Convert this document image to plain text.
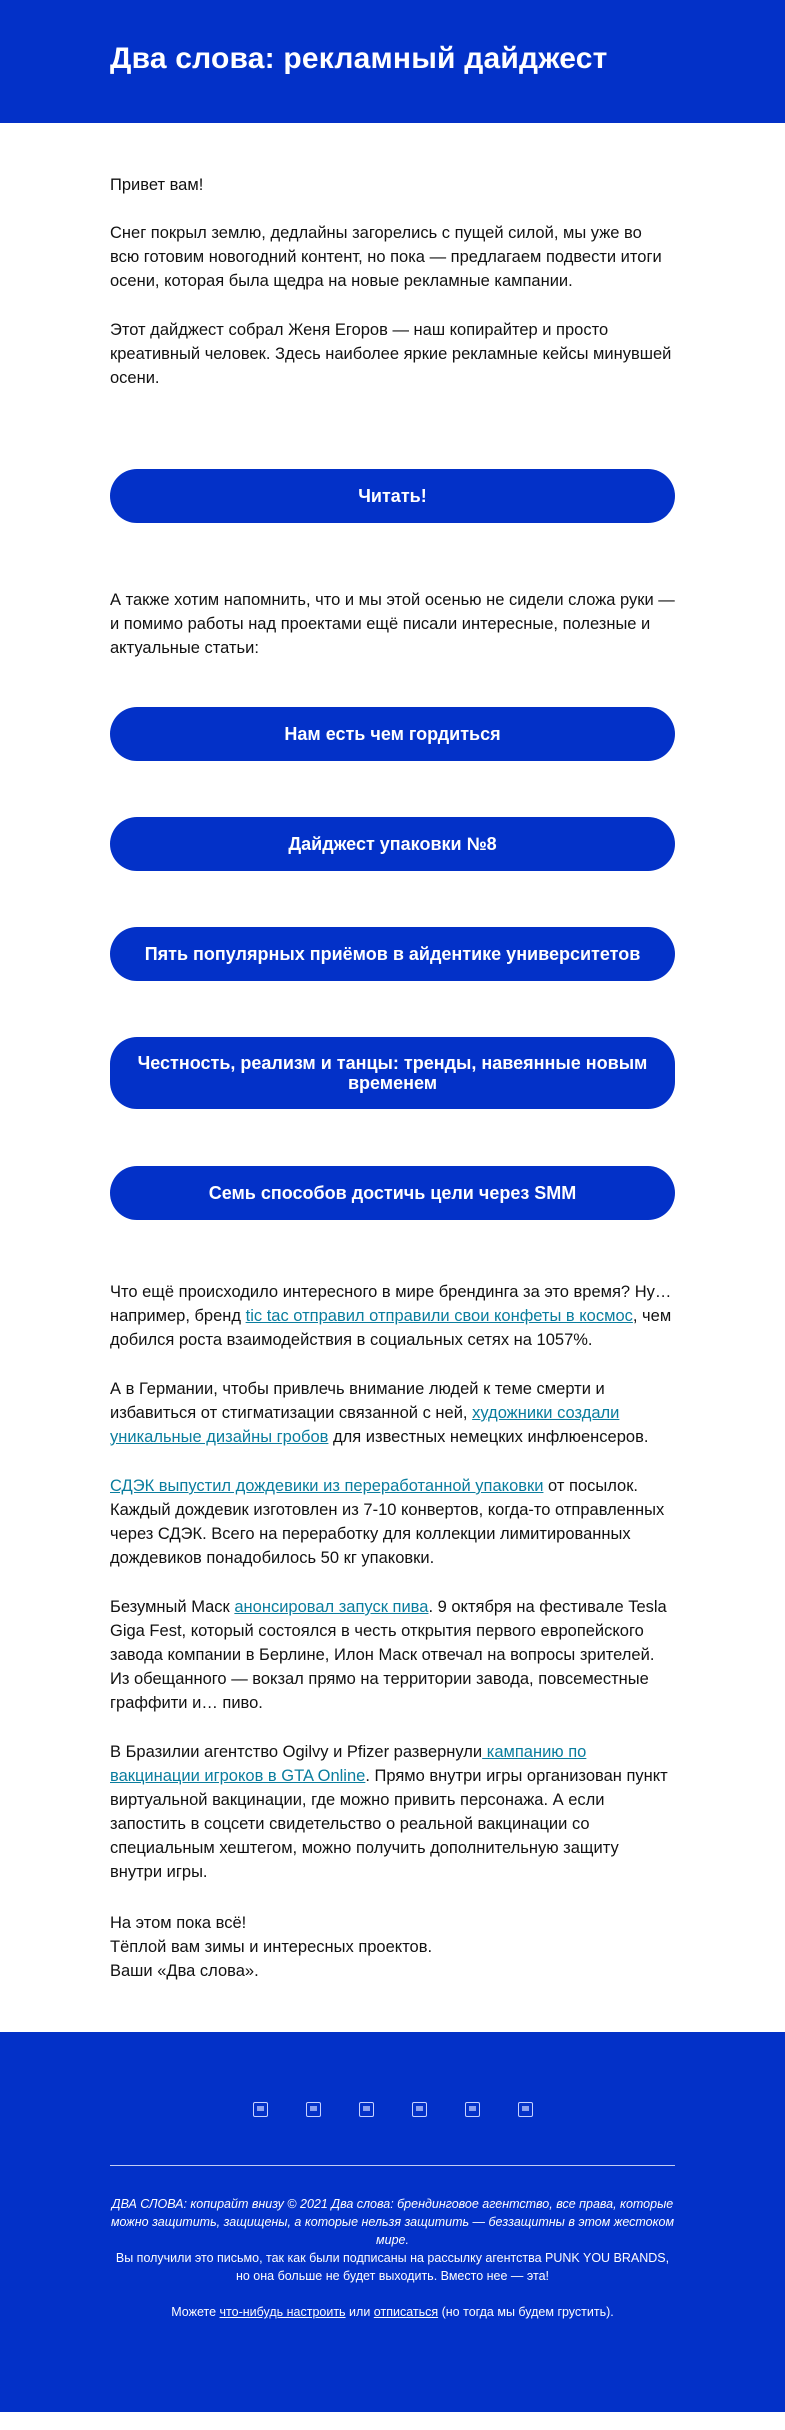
Два слова: рекламный дайджест

Привет вам!

Снег покрыл землю, дедлайны загорелись с пущей силой, мы уже во всю готовим новогодний контент, но пока — предлагаем подвести итоги осени, которая была щедра на новые рекламные кампании.

Этот дайджест собрал Женя Егоров — наш копирайтер и просто креативный человек. Здесь наиболее яркие рекламные кейсы минувшей осени.

Читать!

А также хотим напомнить, что и мы этой осенью не сидели сложа руки — и помимо работы над проектами ещё писали интересные, полезные и актуальные статьи:

Нам есть чем гордиться
Дайджест упаковки №8
Пять популярных приёмов в айдентике университетов
Честность, реализм и танцы: тренды, навеянные новым временем
Семь способов достичь цели через SMM

Что ещё происходило интересного в мире брендинга за это время? Ну… например, бренд tic tac отправил отправили свои конфеты в космос, чем добился роста взаимодействия в социальных сетях на 1057%.

А в Германии, чтобы привлечь внимание людей к теме смерти и избавиться от стигматизации связанной с ней, художники создали уникальные дизайны гробов для известных немецких инфлюенсеров.

СДЭК выпустил дождевики из переработанной упаковки от посылок. Каждый дождевик изготовлен из 7-10 конвертов, когда-то отправленных через СДЭК. Всего на переработку для коллекции лимитированных дождевиков понадобилось 50 кг упаковки.

Безумный Маск анонсировал запуск пива. 9 октября на фестивале Tesla Giga Fest, который состоялся в честь открытия первого европейского завода компании в Берлине, Илон Маск отвечал на вопросы зрителей. Из обещанного — вокзал прямо на территории завода, повсеместные граффити и… пиво.

В Бразилии агентство Ogilvy и Pfizer развернули кампанию по вакцинации игроков в GTA Online. Прямо внутри игры организован пункт виртуальной вакцинации, где можно привить персонажа. А если запостить в соцсети свидетельство о реальной вакцинации со специальным хештегом, можно получить дополнительную защиту внутри игры.

На этом пока всё!

Тёплой вам зимы и интересных проектов.

Ваши «Два слова».

ДВА СЛОВА: копирайт внизу © 2021 Два слова: брендинговое агентство, все права, которые можно защитить, защищены, а которые нельзя защитить — беззащитны в этом жестоком мире.
Вы получили это письмо, так как были подписаны на рассылку агентства PUNK YOU BRANDS, но она больше не будет выходить. Вместо нее — эта!
Можете что-нибудь настроить или отписаться (но тогда мы будем грустить).
